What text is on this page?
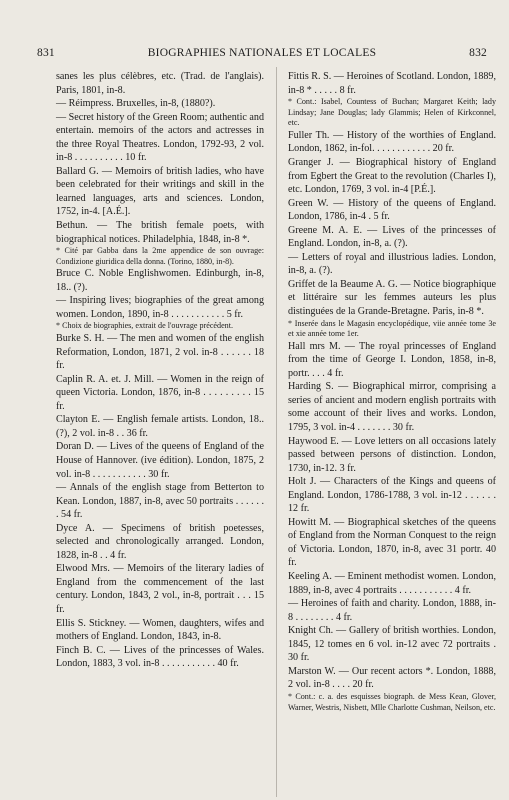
831	BIOGRAPHIES NATIONALES ET LOCALES	832

sanes les plus célèbres, etc. (Trad. de l'anglais). Paris, 1801, in-8.

— Réimpress. Bruxelles, in-8, (1880?).

— Secret history of the Green Room; authentic and entertain. memoirs of the actors and actresses in the three Royal Theatres. London, 1792-93, 2 vol. in-8 . . . . . . . . . . 10 fr.

Ballard G. — Memoirs of british ladies, who have been celebrated for their writings and skill in the learned languages, arts and sciences. London, 1752, in-4. [A.É.].

Bethun. — The british female poets, with biographical notices. Philadelphia, 1848, in-8 *.

* Cité par Gabba dans la 2me appendice de son ouvrage: Condizione giuridica della donna. (Torino, 1880, in-8).

Bruce C. Noble Englishwomen. Edinburgh, in-8, 18.. (?).

— Inspiring lives; biographies of the great among women. London, 1890, in-8 . . . . . . . . . . . 5 fr.

* Choix de biographies, extrait de l'ouvrage précédent.

Burke S. H. — The men and women of the english Reformation, London, 1871, 2 vol. in-8 . . . . . . 18 fr.

Caplin R. A. et. J. Mill. — Women in the reign of queen Victoria. London, 1876, in-8 . . . . . . . . . 15 fr.

Clayton E. — English female artists. London, 18.. (?), 2 vol. in-8 . . 36 fr.

Doran D. — Lives of the queens of England of the House of Hannover. (ive édition). London, 1875, 2 vol. in-8 . . . . . . . . . . . 30 fr.

— Annals of the english stage from Betterton to Kean. London, 1887, in-8, avec 50 portraits . . . . . . . 54 fr.

Dyce A. — Specimens of british poetesses, selected and chronologically arranged. London, 1828, in-8 . . 4 fr.

Elwood Mrs. — Memoirs of the literary ladies of England from the commencement of the last century. London, 1843, 2 vol., in-8, portrait . . . 15 fr.

Ellis S. Stickney. — Women, daughters, wifes and mothers of England. London, 1843, in-8.

Finch B. C. — Lives of the princesses of Wales. London, 1883, 3 vol. in-8 . . . . . . . . . . . 40 fr.

Fittis R. S. — Heroines of Scotland. London, 1889, in-8 * . . . . . 8 fr.

* Cont.: Isabel, Countess of Buchan; Margaret Keith; lady Lindsay; Jane Douglas; lady Glammis; Helen of Kirkconnel, etc.

Fuller Th. — History of the worthies of England. London, 1862, in-fol. . . . . . . . . . . . 20 fr.

Granger J. — Biographical history of England from Egbert the Great to the revolution (Charles I), etc. London, 1769, 3 vol. in-4 [P.É.].

Green W. — History of the queens of England. London, 1786, in-4 . 5 fr.

Greene M. A. E. — Lives of the princesses of England. London, in-8, a. (?).

— Letters of royal and illustrious ladies. London, in-8, a. (?).

Griffet de la Beaume A. G. — Notice biographique et littéraire sur les femmes auteurs les plus distinguées de la Grande-Bretagne. Paris, in-8 *.

* Inserée dans le Magasin encyclopédique, viie année tome 3e et xie année tome 1er.

Hall mrs M. — The royal princesses of England from the time of George I. London, 1858, in-8, portr. . . . 4 fr.

Harding S. — Biographical mirror, comprising a series of ancient and modern english portraits with some account of their lives and works. London, 1795, 3 vol. in-4 . . . . . . . 30 fr.

Haywood E. — Love letters on all occasions lately passed between persons of distinction. London, 1730, in-12. 3 fr.

Holt J. — Characters of the Kings and queens of England. London, 1786-1788, 3 vol. in-12 . . . . . . 12 fr.

Howitt M. — Biographical sketches of the queens of England from the Norman Conquest to the reign of Victoria. London, 1870, in-8, avec 31 portr. 40 fr.

Keeling A. — Eminent methodist women. London, 1889, in-8, avec 4 portraits . . . . . . . . . . . 4 fr.

— Heroines of faith and charity. London, 1888, in-8 . . . . . . . . 4 fr.

Knight Ch. — Gallery of british worthies. London, 1845, 12 tomes en 6 vol. in-12 avec 72 portraits . 30 fr.

Marston W. — Our recent actors *. London, 1888, 2 vol. in-8 . . . . 20 fr.

* Cont.: c. a. des esquisses biograph. de Mess Kean, Glover, Warner, Westris, Nisbett, Mlle Charlotte Cushman, Neilson, etc.
